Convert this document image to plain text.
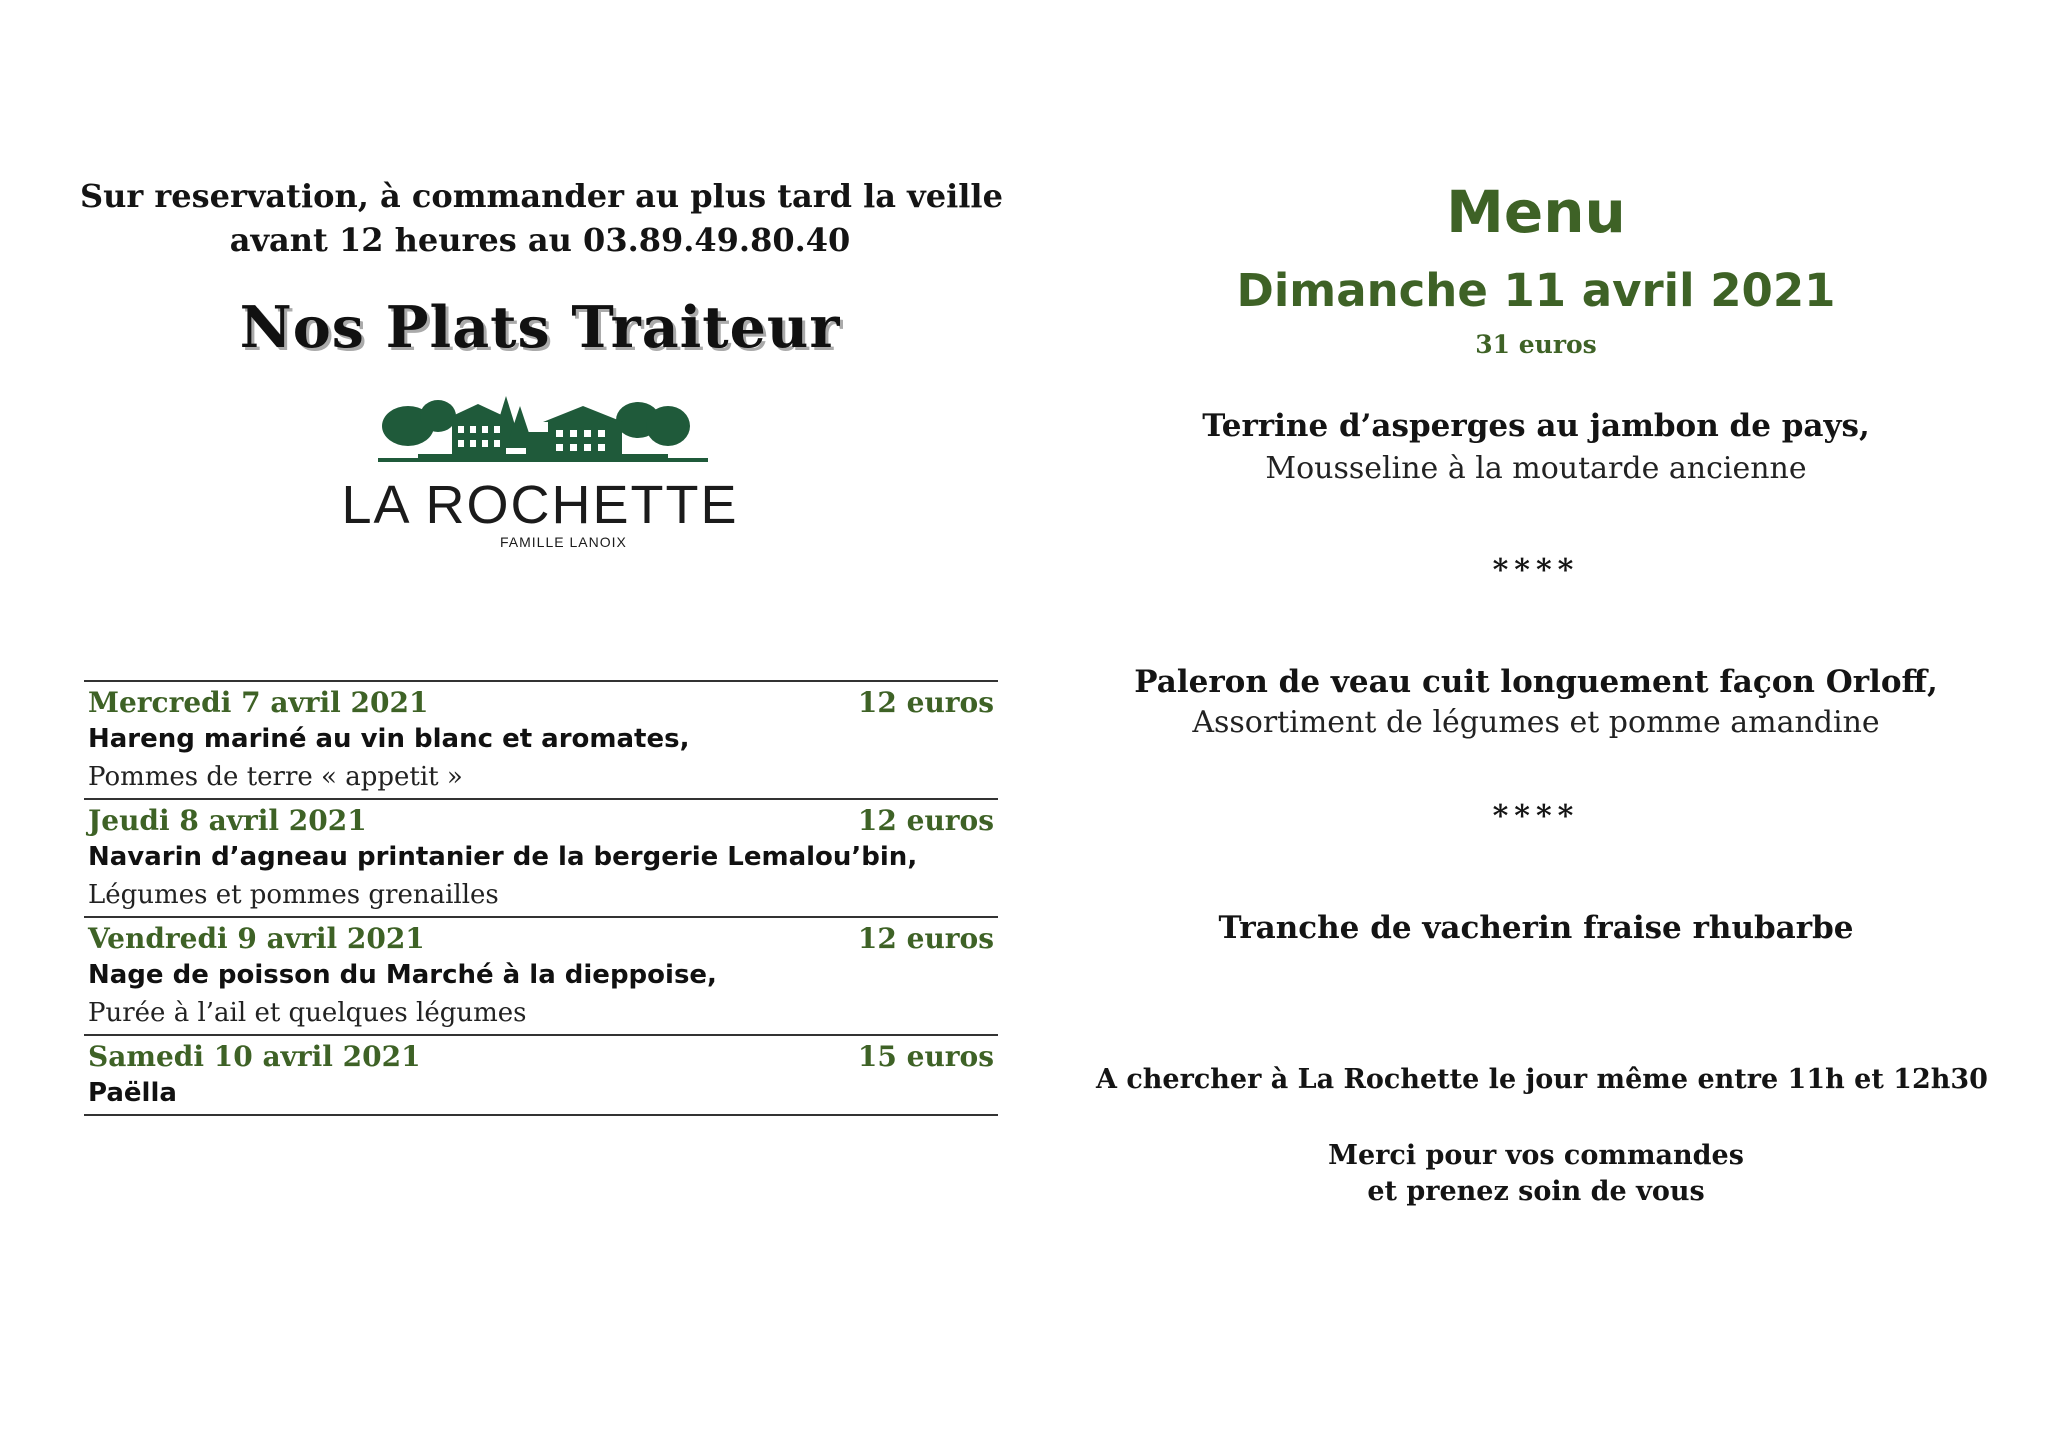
Sur reservation, à commander au plus tard la veille
avant 12 heures au 03.89.49.80.40
Nos Plats Traiteur
LA ROCHETTE
FAMILLE LANOIX
Mercredi 7 avril 2021	12 euros
Hareng mariné au vin blanc et aromates,
Pommes de terre « appetit »
Jeudi 8 avril 2021	12 euros
Navarin d’agneau printanier de la bergerie Lemalou’bin,
Légumes et pommes grenailles
Vendredi 9 avril 2021	12 euros
Nage de poisson du Marché à la dieppoise,
Purée à l’ail et quelques légumes
Samedi 10 avril 2021	15 euros
Paëlla
Menu
Dimanche 11 avril 2021
31 euros
Terrine d’asperges au jambon de pays,
Mousseline à la moutarde ancienne
****
Paleron de veau cuit longuement façon Orloff,
Assortiment de légumes et pomme amandine
****
Tranche de vacherin fraise rhubarbe
A chercher à La Rochette le jour même entre 11h et 12h30
Merci pour vos commandes
et prenez soin de vous
